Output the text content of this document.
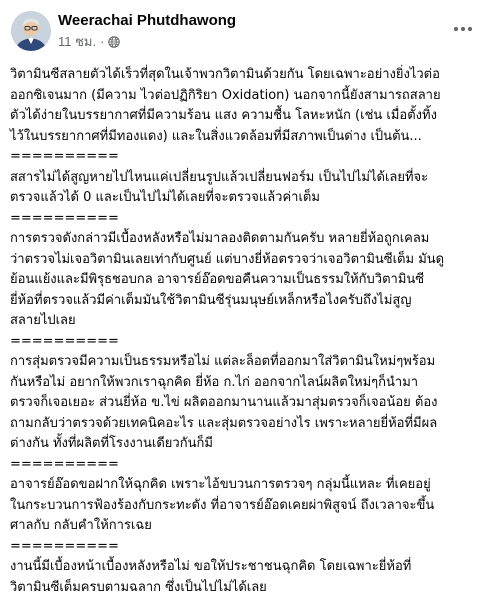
Weerachai Phutdhawong
11 ชม. ·

วิตามินซีสลายตัวได้เร็วที่สุดในเจ้าพวกวิตามินด้วยกัน โดยเฉพาะอย่างยิ่งไวต่อ
ออกซิเจนมาก (มีความ ไวต่อปฏิกิริยา Oxidation) นอกจากนี้ยังสามารถสลาย
ตัวได้ง่ายในบรรยากาศที่มีความร้อน แสง ความชื้น โลหะหนัก (เช่น เมื่อตั้งทิ้ง
ไว้ในบรรยากาศที่มีทองแดง) และในสิ่งแวดล้อมที่มีสภาพเป็นด่าง เป็นต้น...

==========

สสารไม่ได้สูญหายไปไหนแค่เปลี่ยนรูปแล้วเปลี่ยนฟอร์ม เป็นไปไม่ได้เลยที่จะ
ตรวจแล้วได้ 0 และเป็นไปไม่ได้เลยที่จะตรวจแล้วค่าเต็ม

==========

การตรวจดังกล่าวมีเบื้องหลังหรือไม่มาลองติดตามกันครับ หลายยี่ห้อถูกเคลม
ว่าตรวจไม่เจอวิตามินเลยเท่ากับศูนย์ แต่บางยี่ห้อตรวจว่าเจอวิตามินซีเต็ม มันดู
ย้อนแย้งและมีพิรุธชอบกล อาจารย์อ๊อดขอคืนความเป็นธรรมให้กับวิตามินซี
ยี่ห้อที่ตรวจแล้วมีค่าเต็มมันใช้วิตามินซีรุ่นมนุษย์เหล็กหรือไงครับถึงไม่สูญ
สลายไปเลย

==========

การสุ่มตรวจมีความเป็นธรรมหรือไม่ แต่ละล็อตที่ออกมาใส่วิตามินใหม่ๆพร้อม
กันหรือไม่ อยากให้พวกเราฉุกคิด ยี่ห้อ ก.ไก่ ออกจากไลน์ผลิตใหม่ๆก็นำมา
ตรวจก็เจอเยอะ ส่วนยี่ห้อ ข.ไข่ ผลิตออกมานานแล้วมาสุ่มตรวจก็เจอน้อย ต้อง
ถามกลับว่าตรวจด้วยเทคนิคอะไร และสุ่มตรวจอย่างไร เพราะหลายยี่ห้อที่มีผล
ต่างกัน ทั้งที่ผลิตที่โรงงานเดียวกันก็มี

==========

อาจารย์อ๊อดขอฝากให้ฉุกคิด เพราะไอ้ขบวนการตรวจๆ กลุ่มนี้แหละ ที่เคยอยู่
ในกระบวนการฟ้องร้องกับกระทะดัง ที่อาจารย์อ๊อดเคยผ่าพิสูจน์ ถึงเวลาจะขึ้น
ศาลกับ กลับคำให้การเฉย

==========

งานนี้มีเบื้องหน้าเบื้องหลังหรือไม่ ขอให้ประชาชนฉุกคิด โดยเฉพาะยี่ห้อที่
วิตามินซีเต็มครบตามฉลาก ซึ่งเป็นไปไม่ได้เลย
